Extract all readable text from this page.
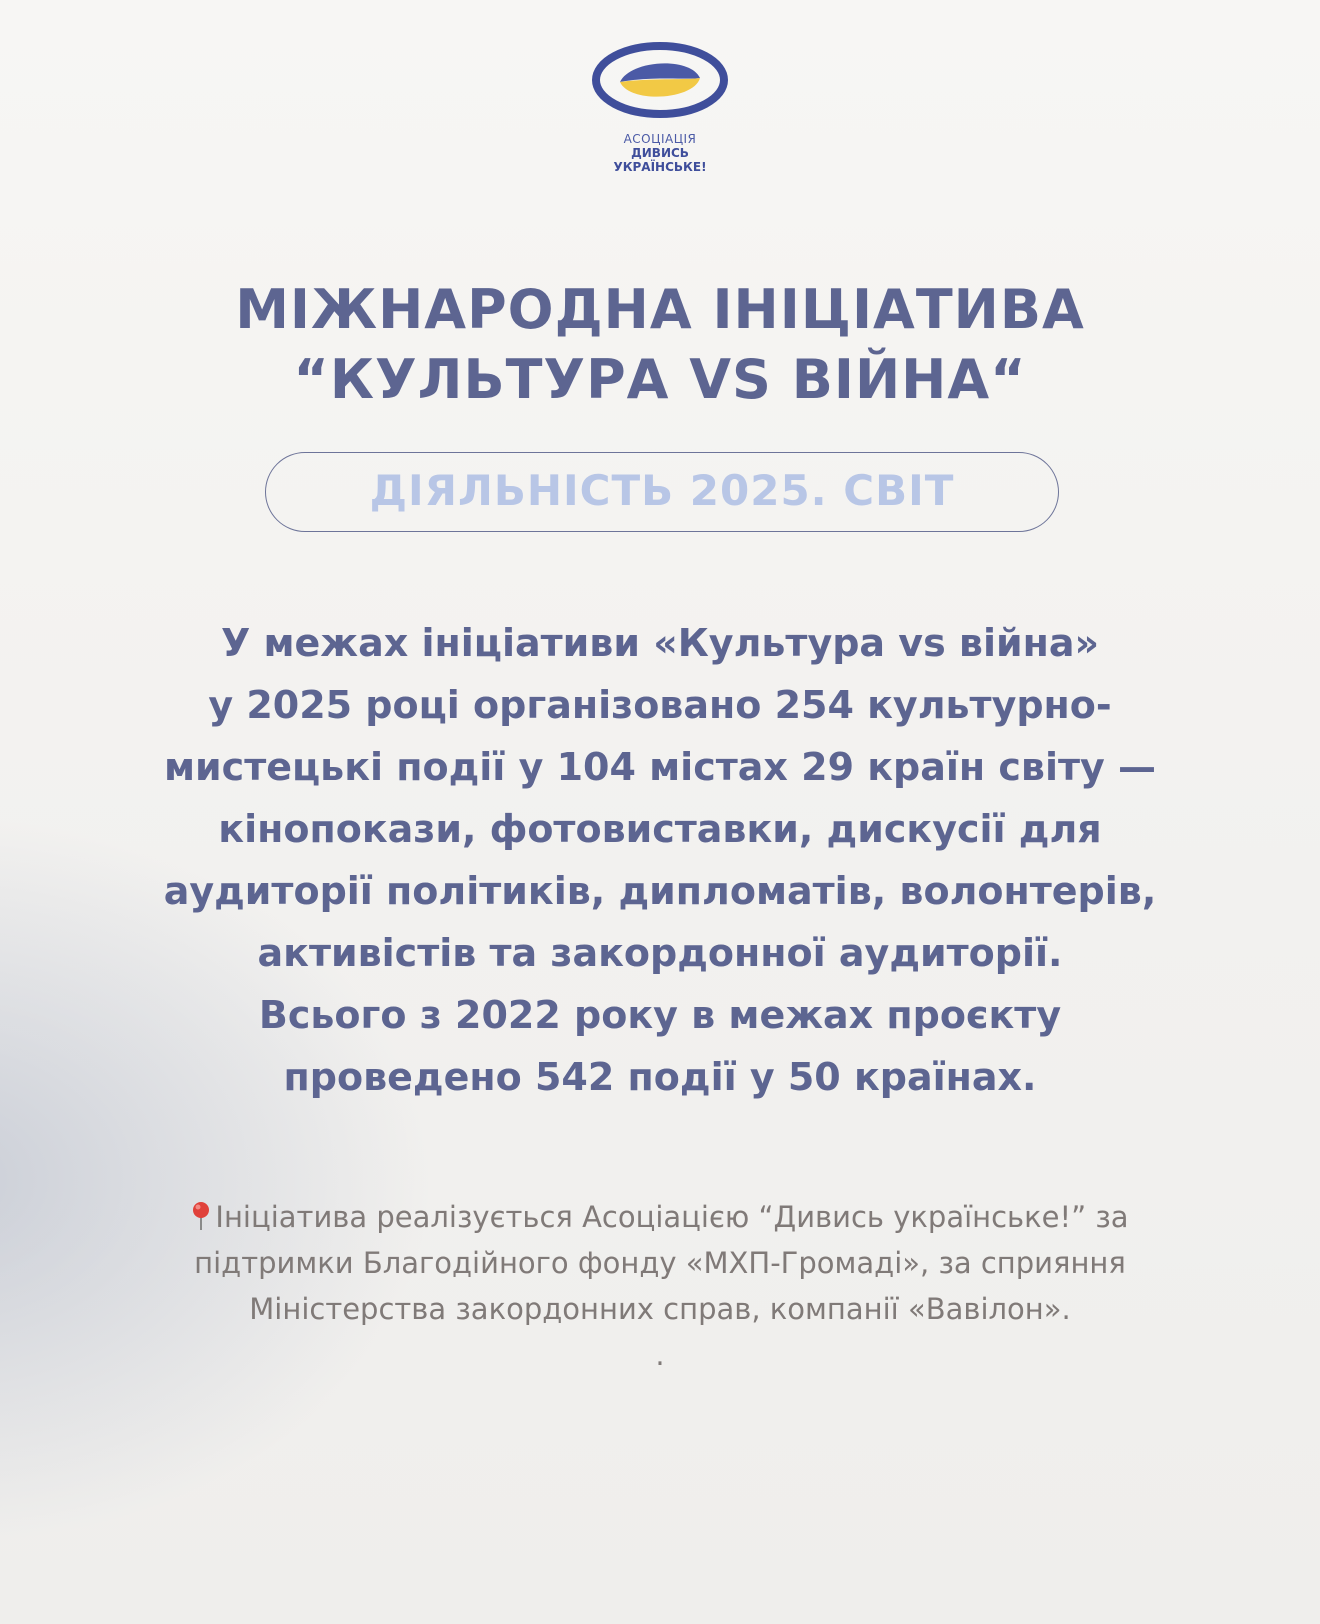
АСОЦІАЦІЯ
ДИВИСЬ УКРАЇНСЬКЕ!
МІЖНАРОДНА ІНІЦІАТИВА
“КУЛЬТУРА VS ВІЙНА“
ДІЯЛЬНІСТЬ 2025. СВІТ
У межах ініціативи «Культура vs війна»
у 2025 році організовано 254 культурно-
мистецькі події у 104 містах 29 країн світу —
кінопокази, фотовиставки, дискусії для
аудиторії політиків, дипломатів, волонтерів,
активістів та закордонної аудиторії.
Всього з 2022 року в межах проєкту
проведено 542 події у 50 країнах.
Ініціатива реалізується Асоціацією “Дивись українське!” за
підтримки Благодійного фонду «МХП-Громаді», за сприяння
Міністерства закордонних справ, компанії «Вавілон».
.
